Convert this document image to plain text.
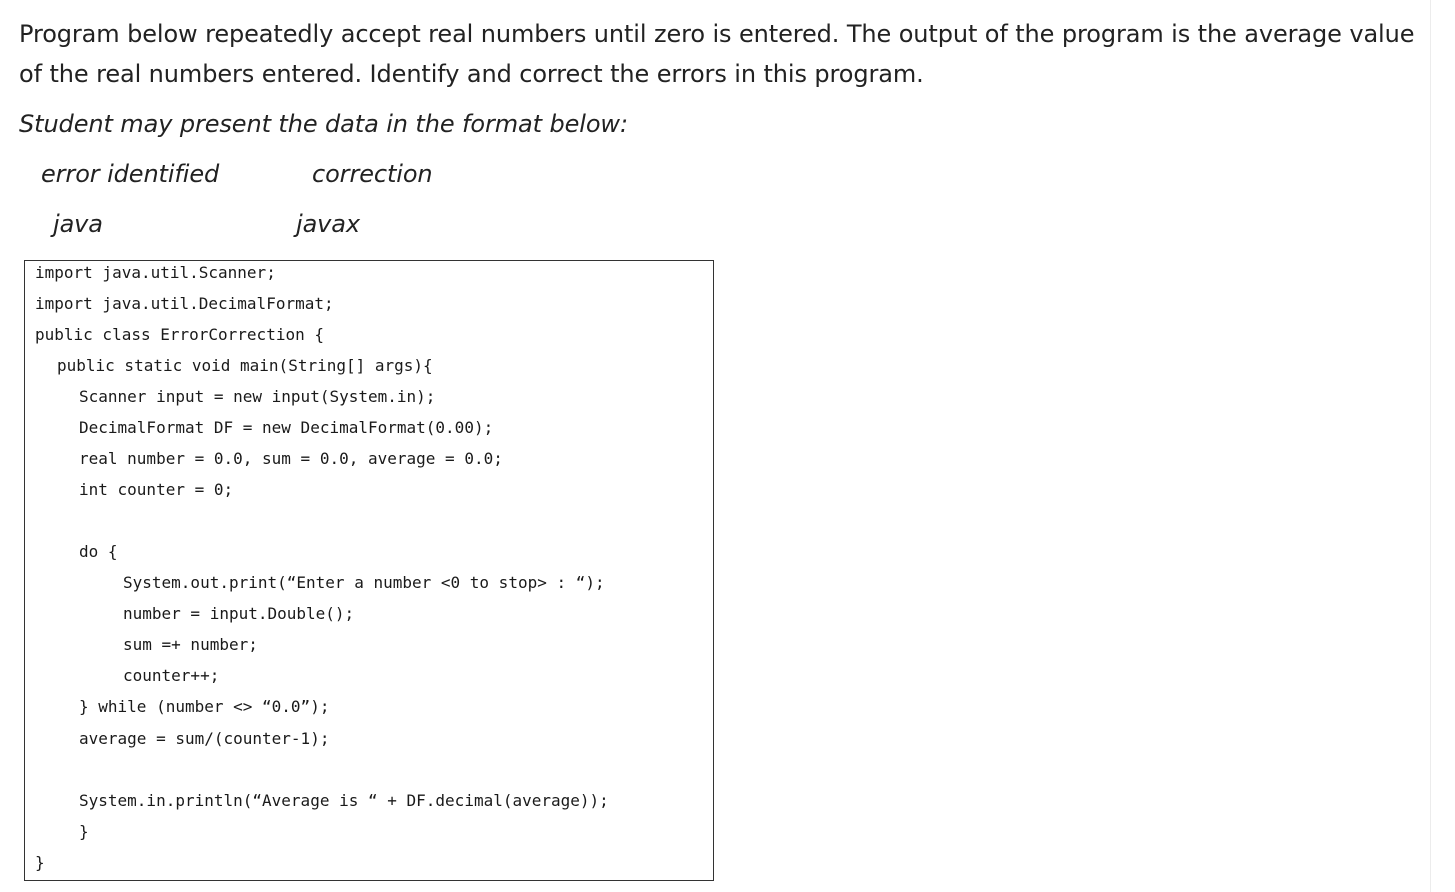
Program below repeatedly accept real numbers until zero is entered. The output of the program is the average value of the real numbers entered. Identify and correct the errors in this program.

Student may present the data in the format below:

error identified	correction
java	javax
import java.util.Scanner;
import java.util.DecimalFormat;
public class ErrorCorrection {
public static void main(String[] args){
Scanner input = new input(System.in);
DecimalFormat DF = new DecimalFormat(0.00);
real number = 0.0, sum = 0.0, average = 0.0;
int counter = 0;
do {
System.out.print(“Enter a number <0 to stop> : “);
number = input.Double();
sum =+ number;
counter++;
} while (number <> “0.0”);
average = sum/(counter-1);
System.in.println(“Average is “ + DF.decimal(average));
}
}
